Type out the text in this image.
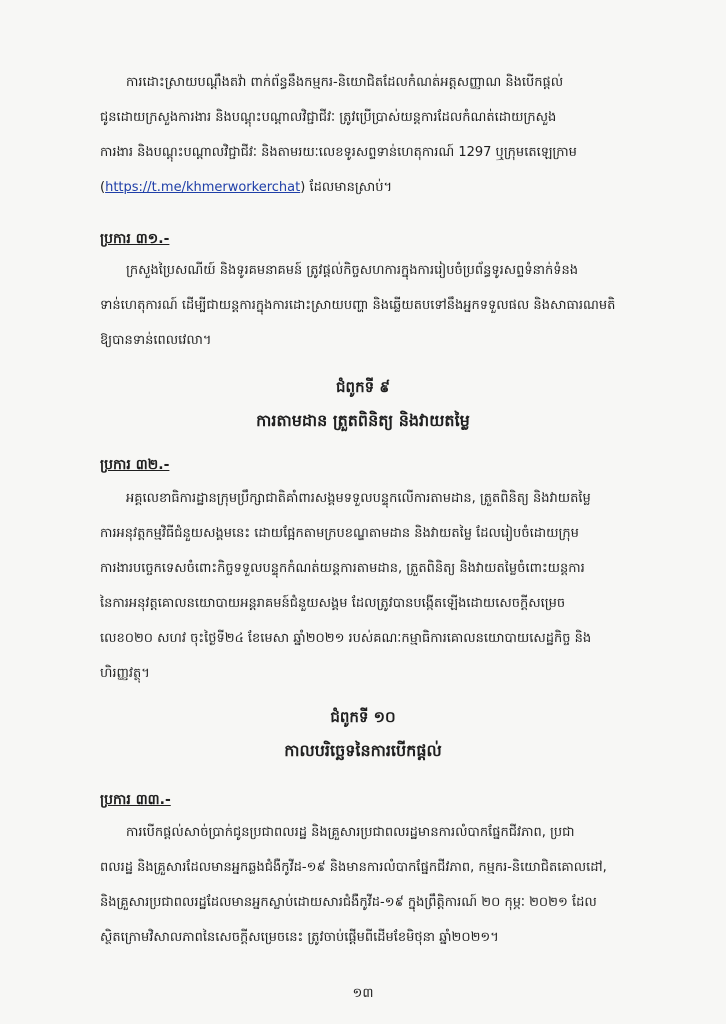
ការដោះស្រាយបណ្ដឹងតវ៉ា ពាក់ព័ន្ធនឹងកម្មករ-និយោជិតដែលកំណត់អត្តសញ្ញាណ និងបើកផ្ដល់
ជូនដោយក្រសួងការងារ និងបណ្ដុះបណ្ដាលវិជ្ជាជីវៈ ត្រូវប្រើប្រាស់យន្តការដែលកំណត់ដោយក្រសួង
ការងារ និងបណ្ដុះបណ្ដាលវិជ្ជាជីវៈ និងតាមរយៈលេខទូរសព្ទទាន់ហេតុការណ៍ 1297 ឬក្រុមតេឡេក្រាម
(https://t.me/khmerworkerchat) ដែលមានស្រាប់។
ប្រការ ៣១.-
ក្រសួងប្រៃសណីយ៍ និងទូរគមនាគមន៍ ត្រូវផ្ដល់កិច្ចសហការក្នុងការរៀបចំប្រព័ន្ធទូរសព្ទទំនាក់ទំនង
ទាន់ហេតុការណ៍ ដើម្បីជាយន្តការក្នុងការដោះស្រាយបញ្ហា និងឆ្លើយតបទៅនឹងអ្នកទទួលផល និងសាធារណមតិ
ឱ្យបានទាន់ពេលវេលា។
ជំពូកទី ៩
ការតាមដាន ត្រួតពិនិត្យ និងវាយតម្លៃ
ប្រការ ៣២.-
អគ្គលេខាធិការដ្ឋានក្រុមប្រឹក្សាជាតិគាំពារសង្គមទទួលបន្ទុកលើការតាមដាន, ត្រួតពិនិត្យ និងវាយតម្លៃ
ការអនុវត្តកម្មវិធីជំនួយសង្គមនេះ ដោយផ្អែកតាមក្របខណ្ឌតាមដាន និងវាយតម្លៃ ដែលរៀបចំដោយក្រុម
ការងារបច្ចេកទេសចំពោះកិច្ចទទួលបន្ទុកកំណត់យន្តការតាមដាន, ត្រួតពិនិត្យ និងវាយតម្លៃចំពោះយន្តការ
នៃការអនុវត្តគោលនយោបាយអន្តរាគមន៍ជំនួយសង្គម ដែលត្រូវបានបង្កើតឡើងដោយសេចក្ដីសម្រេច
លេខ០២០ សហវ ចុះថ្ងៃទី២៤ ខែមេសា ឆ្នាំ២០២១ របស់គណៈកម្មាធិការគោលនយោបាយសេដ្ឋកិច្ច និង
ហិរញ្ញវត្ថុ។
ជំពូកទី ១០
កាលបរិច្ឆេទនៃការបើកផ្ដល់
ប្រការ ៣៣.-
ការបើកផ្ដល់សាច់ប្រាក់ជូនប្រជាពលរដ្ឋ និងគ្រួសារប្រជាពលរដ្ឋមានការលំបាកផ្នែកជីវភាព, ប្រជា
ពលរដ្ឋ និងគ្រួសារដែលមានអ្នកឆ្លងជំងឺកូវីដ-១៩ និងមានការលំបាកផ្នែកជីវភាព, កម្មករ-និយោជិតគោលដៅ,
និងគ្រួសារប្រជាពលរដ្ឋដែលមានអ្នកស្លាប់ដោយសារជំងឺកូវីដ-១៩ ក្នុងព្រឹត្តិការណ៍ ២០ កុម្ភៈ ២០២១ ដែល
ស្ថិតក្រោមវិសាលភាពនៃសេចក្ដីសម្រេចនេះ ត្រូវចាប់ផ្ដើមពីដើមខែមិថុនា ឆ្នាំ២០២១។
១៣
